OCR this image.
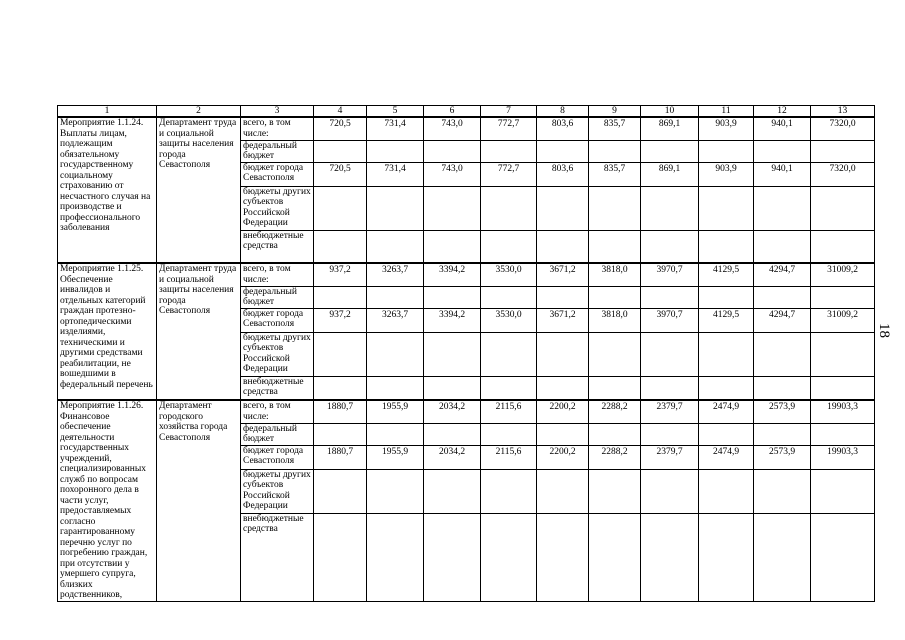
18
1	2	3	4	5	6	7	8	9	10	11	12	13
Мероприятие 1.1.24. Выплаты лицам, подлежащим обязательному государственному социальному страхованию от несчастного случая на производстве и профессионального заболевания	Департамент труда и социальной защиты населения города Севастополя	всего, в том числе:	720,5	731,4	743,0	772,7	803,6	835,7	869,1	903,9	940,1	7320,0
		федеральный бюджет										
		бюджет города Севастополя	720,5	731,4	743,0	772,7	803,6	835,7	869,1	903,9	940,1	7320,0
		бюджеты других субъектов Российской Федерации										
		внебюджетные средства										
Мероприятие 1.1.25. Обеспечение инвалидов и отдельных категорий граждан протезно-ортопедическими изделиями, техническими и другими средствами реабилитации, не вошедшими в федеральный перечень	Департамент труда и социальной защиты населения города Севастополя	всего, в том числе:	937,2	3263,7	3394,2	3530,0	3671,2	3818,0	3970,7	4129,5	4294,7	31009,2
		федеральный бюджет										
		бюджет города Севастополя	937,2	3263,7	3394,2	3530,0	3671,2	3818,0	3970,7	4129,5	4294,7	31009,2
		бюджеты других субъектов Российской Федерации										
		внебюджетные средства										
Мероприятие 1.1.26. Финансовое обеспечение деятельности государственных учреждений, специализированных служб по вопросам похоронного дела в части услуг, предоставляемых согласно гарантированному перечню услуг по погребению граждан, при отсутствии у умершего супруга, близких родственников,	Департамент городского хозяйства города Севастополя	всего, в том числе:	1880,7	1955,9	2034,2	2115,6	2200,2	2288,2	2379,7	2474,9	2573,9	19903,3
		федеральный бюджет										
		бюджет города Севастополя	1880,7	1955,9	2034,2	2115,6	2200,2	2288,2	2379,7	2474,9	2573,9	19903,3
		бюджеты других субъектов Российской Федерации										
		внебюджетные средства										
